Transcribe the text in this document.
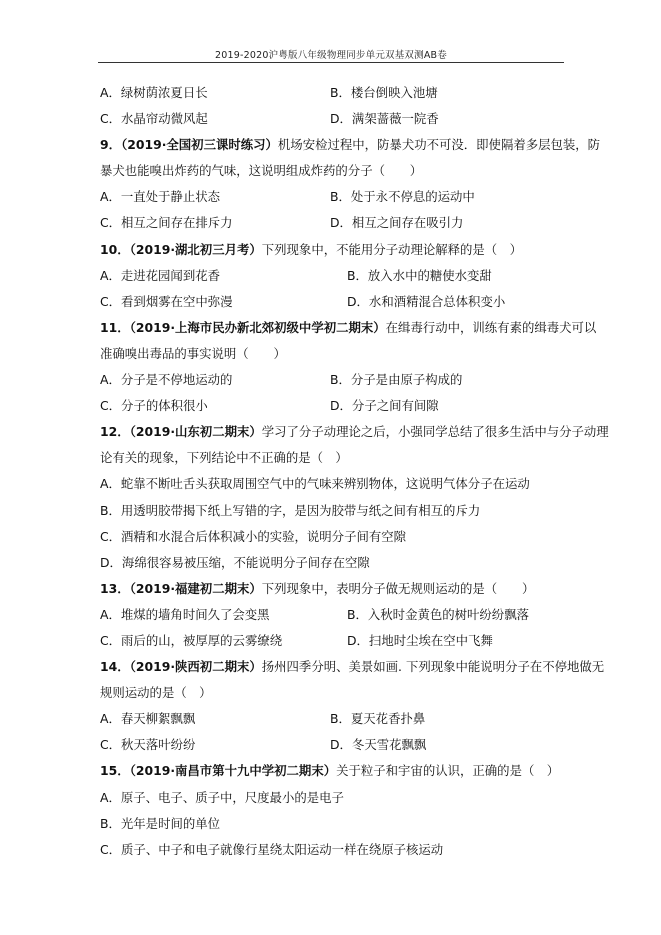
2019-2020沪粤版八年级物理同步单元双基双测AB卷
A．绿树荫浓夏日长	B．楼台倒映入池塘
C．水晶帘动微风起	D．满架蔷薇一院香
9．（2019·全国初三课时练习）机场安检过程中，防暴犬功不可没．即使隔着多层包装，防
暴犬也能嗅出炸药的气味，这说明组成炸药的分子（　　）
A．一直处于静止状态	B．处于永不停息的运动中
C．相互之间存在排斥力	D．相互之间存在吸引力
10．（2019·湖北初三月考）下列现象中，不能用分子动理论解释的是（　）
A．走进花园闻到花香	B．放入水中的糖使水变甜
C．看到烟雾在空中弥漫	D．水和酒精混合总体积变小
11．（2019·上海市民办新北郊初级中学初二期末）在缉毒行动中，训练有素的缉毒犬可以
准确嗅出毒品的事实说明（　　）
A．分子是不停地运动的	B．分子是由原子构成的
C．分子的体积很小	D．分子之间有间隙
12．（2019·山东初二期末）学习了分子动理论之后，小强同学总结了很多生活中与分子动理
论有关的现象，下列结论中不正确的是（　）
A．蛇靠不断吐舌头获取周围空气中的气味来辨别物体，这说明气体分子在运动
B．用透明胶带揭下纸上写错的字，是因为胶带与纸之间有相互的斥力
C．酒精和水混合后体积减小的实验，说明分子间有空隙
D．海绵很容易被压缩，不能说明分子间存在空隙
13．（2019·福建初二期末）下列现象中，表明分子做无规则运动的是（　　）
A．堆煤的墙角时间久了会变黑	B．入秋时金黄色的树叶纷纷飘落
C．雨后的山，被厚厚的云雾缭绕	D．扫地时尘埃在空中飞舞
14．（2019·陕西初二期末）扬州四季分明、美景如画. 下列现象中能说明分子在不停地做无
规则运动的是（　）
A．春天柳絮飘飘	B．夏天花香扑鼻
C．秋天落叶纷纷	D．冬天雪花飘飘
15．（2019·南昌市第十九中学初二期末）关于粒子和宇宙的认识，正确的是（　）
A．原子、电子、质子中，尺度最小的是电子
B．光年是时间的单位
C．质子、中子和电子就像行星绕太阳运动一样在绕原子核运动
